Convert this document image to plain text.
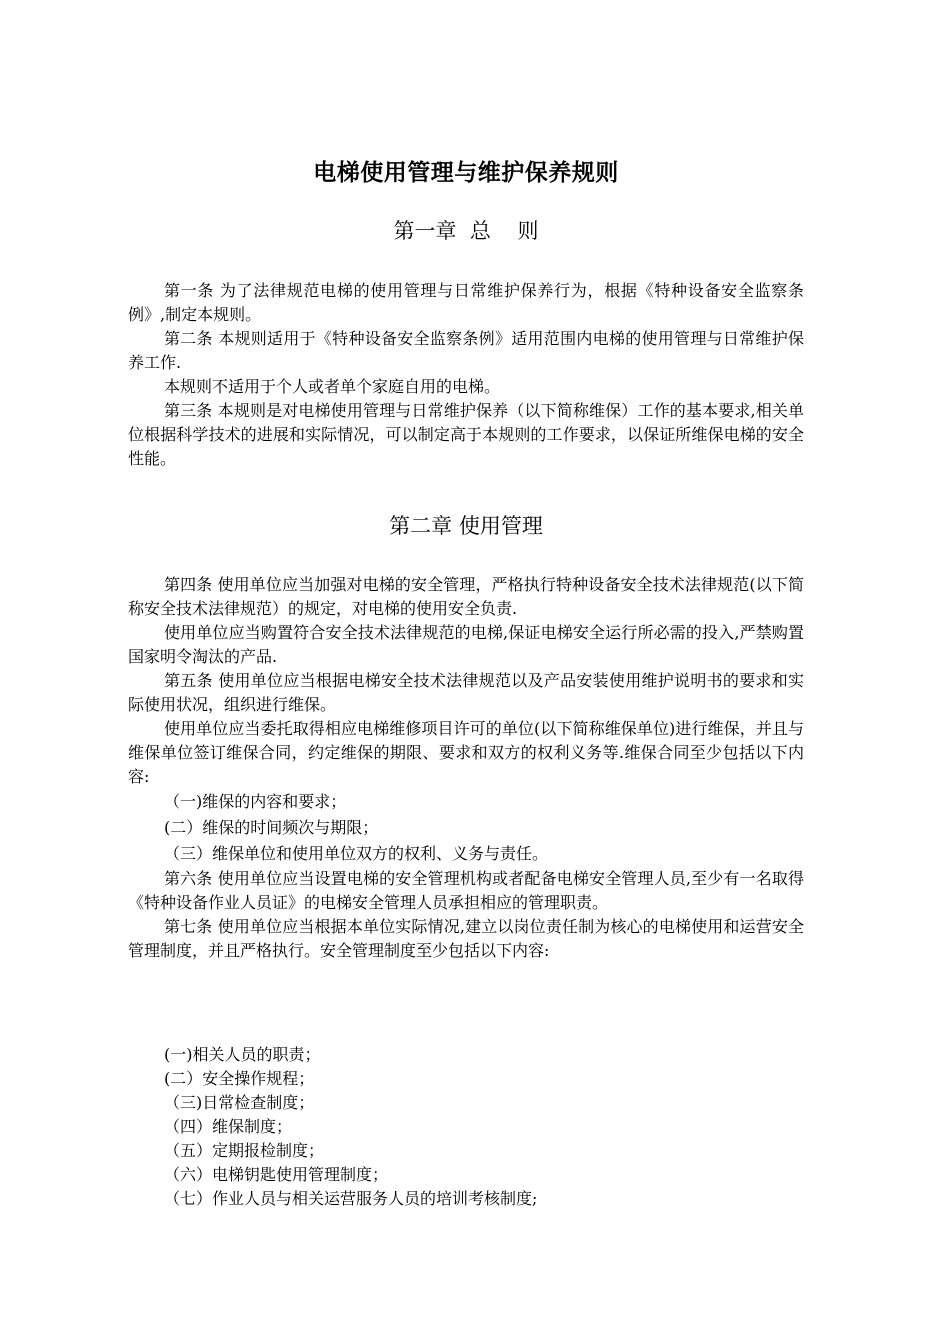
电梯使用管理与维护保养规则
第一章  总    则

第一条 为了法律规范电梯的使用管理与日常维护保养行为，根据《特种设备安全监察条例》,制定本规则。

第二条 本规则适用于《特种设备安全监察条例》适用范围内电梯的使用管理与日常维护保养工作.

本规则不适用于个人或者单个家庭自用的电梯。

第三条 本规则是对电梯使用管理与日常维护保养（以下简称维保）工作的基本要求,相关单位根据科学技术的进展和实际情况，可以制定高于本规则的工作要求，以保证所维保电梯的安全性能。

第二章 使用管理

第四条 使用单位应当加强对电梯的安全管理，严格执行特种设备安全技术法律规范(以下简称安全技术法律规范）的规定，对电梯的使用安全负责.

使用单位应当购置符合安全技术法律规范的电梯,保证电梯安全运行所必需的投入,严禁购置国家明令淘汰的产品.

第五条 使用单位应当根据电梯安全技术法律规范以及产品安装使用维护说明书的要求和实际使用状况，组织进行维保。

使用单位应当委托取得相应电梯维修项目许可的单位(以下简称维保单位)进行维保，并且与维保单位签订维保合同，约定维保的期限、要求和双方的权利义务等.维保合同至少包括以下内容:

（一)维保的内容和要求；

(二）维保的时间频次与期限；

（三）维保单位和使用单位双方的权利、义务与责任。

第六条 使用单位应当设置电梯的安全管理机构或者配备电梯安全管理人员,至少有一名取得《特种设备作业人员证》的电梯安全管理人员承担相应的管理职责。

第七条 使用单位应当根据本单位实际情况,建立以岗位责任制为核心的电梯使用和运营安全管理制度，并且严格执行。安全管理制度至少包括以下内容:

(一)相关人员的职责；

(二）安全操作规程；

（三)日常检查制度；

（四）维保制度；

（五）定期报检制度；

（六）电梯钥匙使用管理制度；

（七）作业人员与相关运营服务人员的培训考核制度;
